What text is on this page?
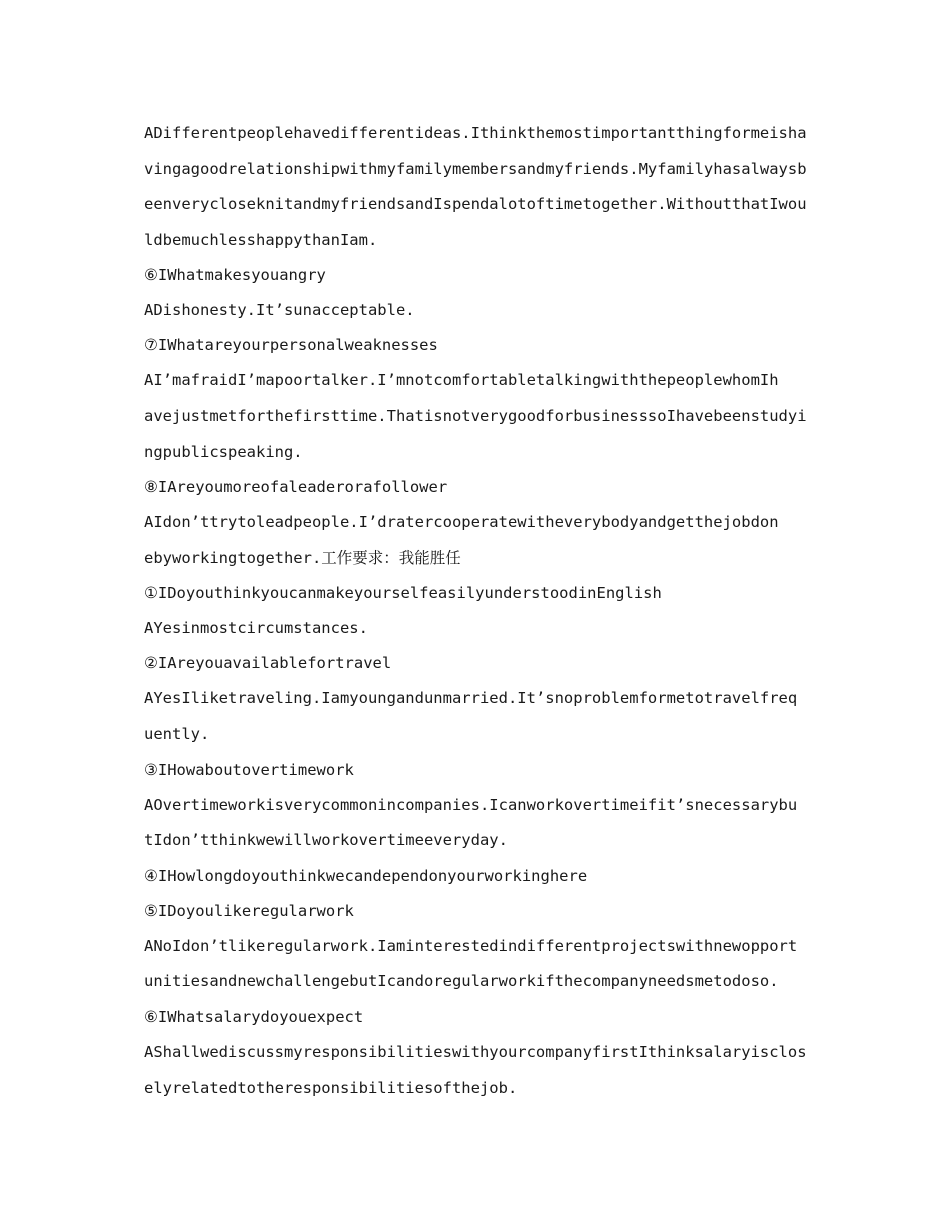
ADifferentpeoplehavedifferentideas.Ithinkthemostimportantthingformeisha

vingagoodrelationshipwithmyfamilymembersandmyfriends.Myfamilyhasalwaysb

eenveryclosekn​itandmyfriendsandIspendalotoftimetogether.WithoutthatIwou

ldbemuchlesshappythanIam.

⑥IWhatmakesyouangry

ADishonesty.It’sunacceptable.

⑦IWhatareyourpersonalweaknesses

AI’mafraidI’mapoortalker.I’mnotcomfortabletalkingwiththepeoplewhomIh

avejustmetforthefirsttime.ThatisnotverygoodforbusinesssoIhavebeenstudyi

ngpublicspeaking.

⑧IAreyoumoreofaleaderorafollower

AIdon’ttrytoleadpeople.I’dratercooperatewitheverybodyandgetthejobdon

ebyworkingtogether.工作要求：我能胜任

①IDoyouthinkyoucanmakeyourselfeasilyunderstoodinEnglish

AYesinmostcircumstances.

②IAreyouavailablefortravel

AYesIliketraveling.Iamyoungandunmarried.It’snoproblemformetotravelfreq

uently.

③IHowaboutovertimework

AOvertimeworkisverycommonincompanies.Icanworkovertimeifit’snecessarybu

tIdon’tthinkwewillworkovertimeeveryday.

④IHowlongdoyouthinkwecandependonyourworkinghere

⑤IDoyoulikeregularwork

ANoIdon’tlikeregularwork.Iaminterestedindifferentprojectswithnewopport

unitiesandnewchallengebutIcandoregularworkifthecompanyneedsmetodoso.

⑥IWhatsalarydoyouexpect

AShallwediscussmyresponsibilitieswithyourcompanyfirstIthinksalaryisclos

elyrelatedtotheresponsibilitiesofthejob.
